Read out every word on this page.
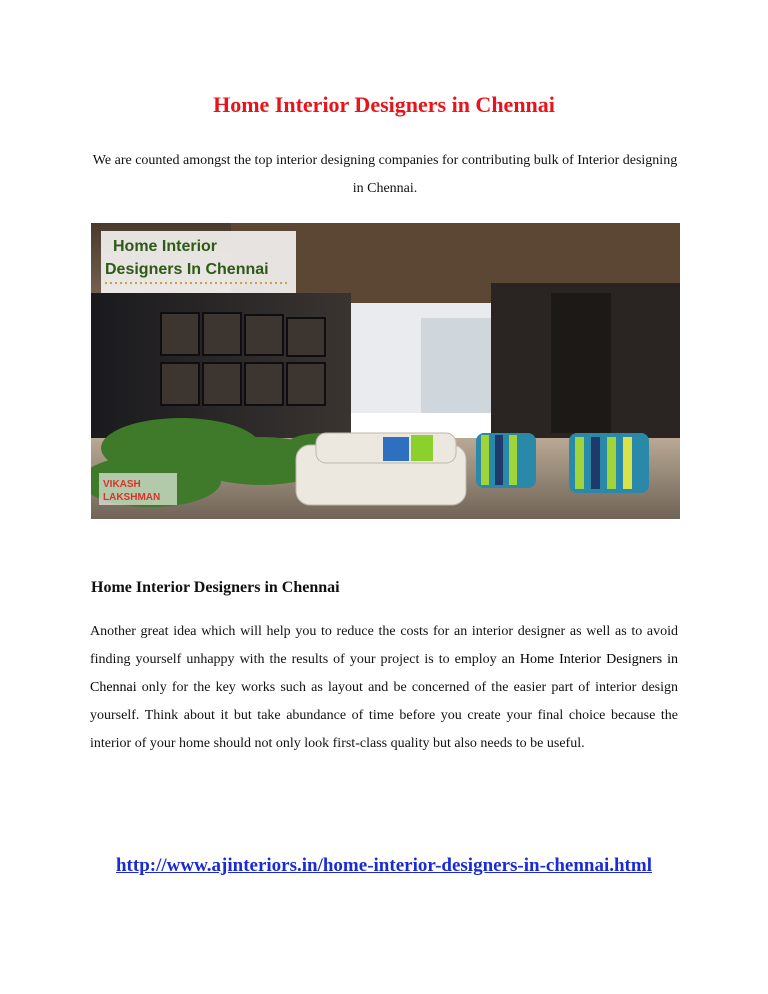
Home Interior Designers in Chennai
We are counted amongst the top interior designing companies for contributing bulk of Interior designing in Chennai.
Home Interior
Designers In Chennai
VIKASH
LAKSHMAN
Home Interior Designers in Chennai
Another great idea which will help you to reduce the costs for an interior designer as well as to avoid finding yourself unhappy with the results of your project is to employ an Home Interior Designers in Chennai only for the key works such as layout and be concerned of the easier part of interior design yourself. Think about it but take abundance of time before you create your final choice because the interior of your home should not only look first-class quality but also needs to be useful.
http://www.ajinteriors.in/home-interior-designers-in-chennai.html
